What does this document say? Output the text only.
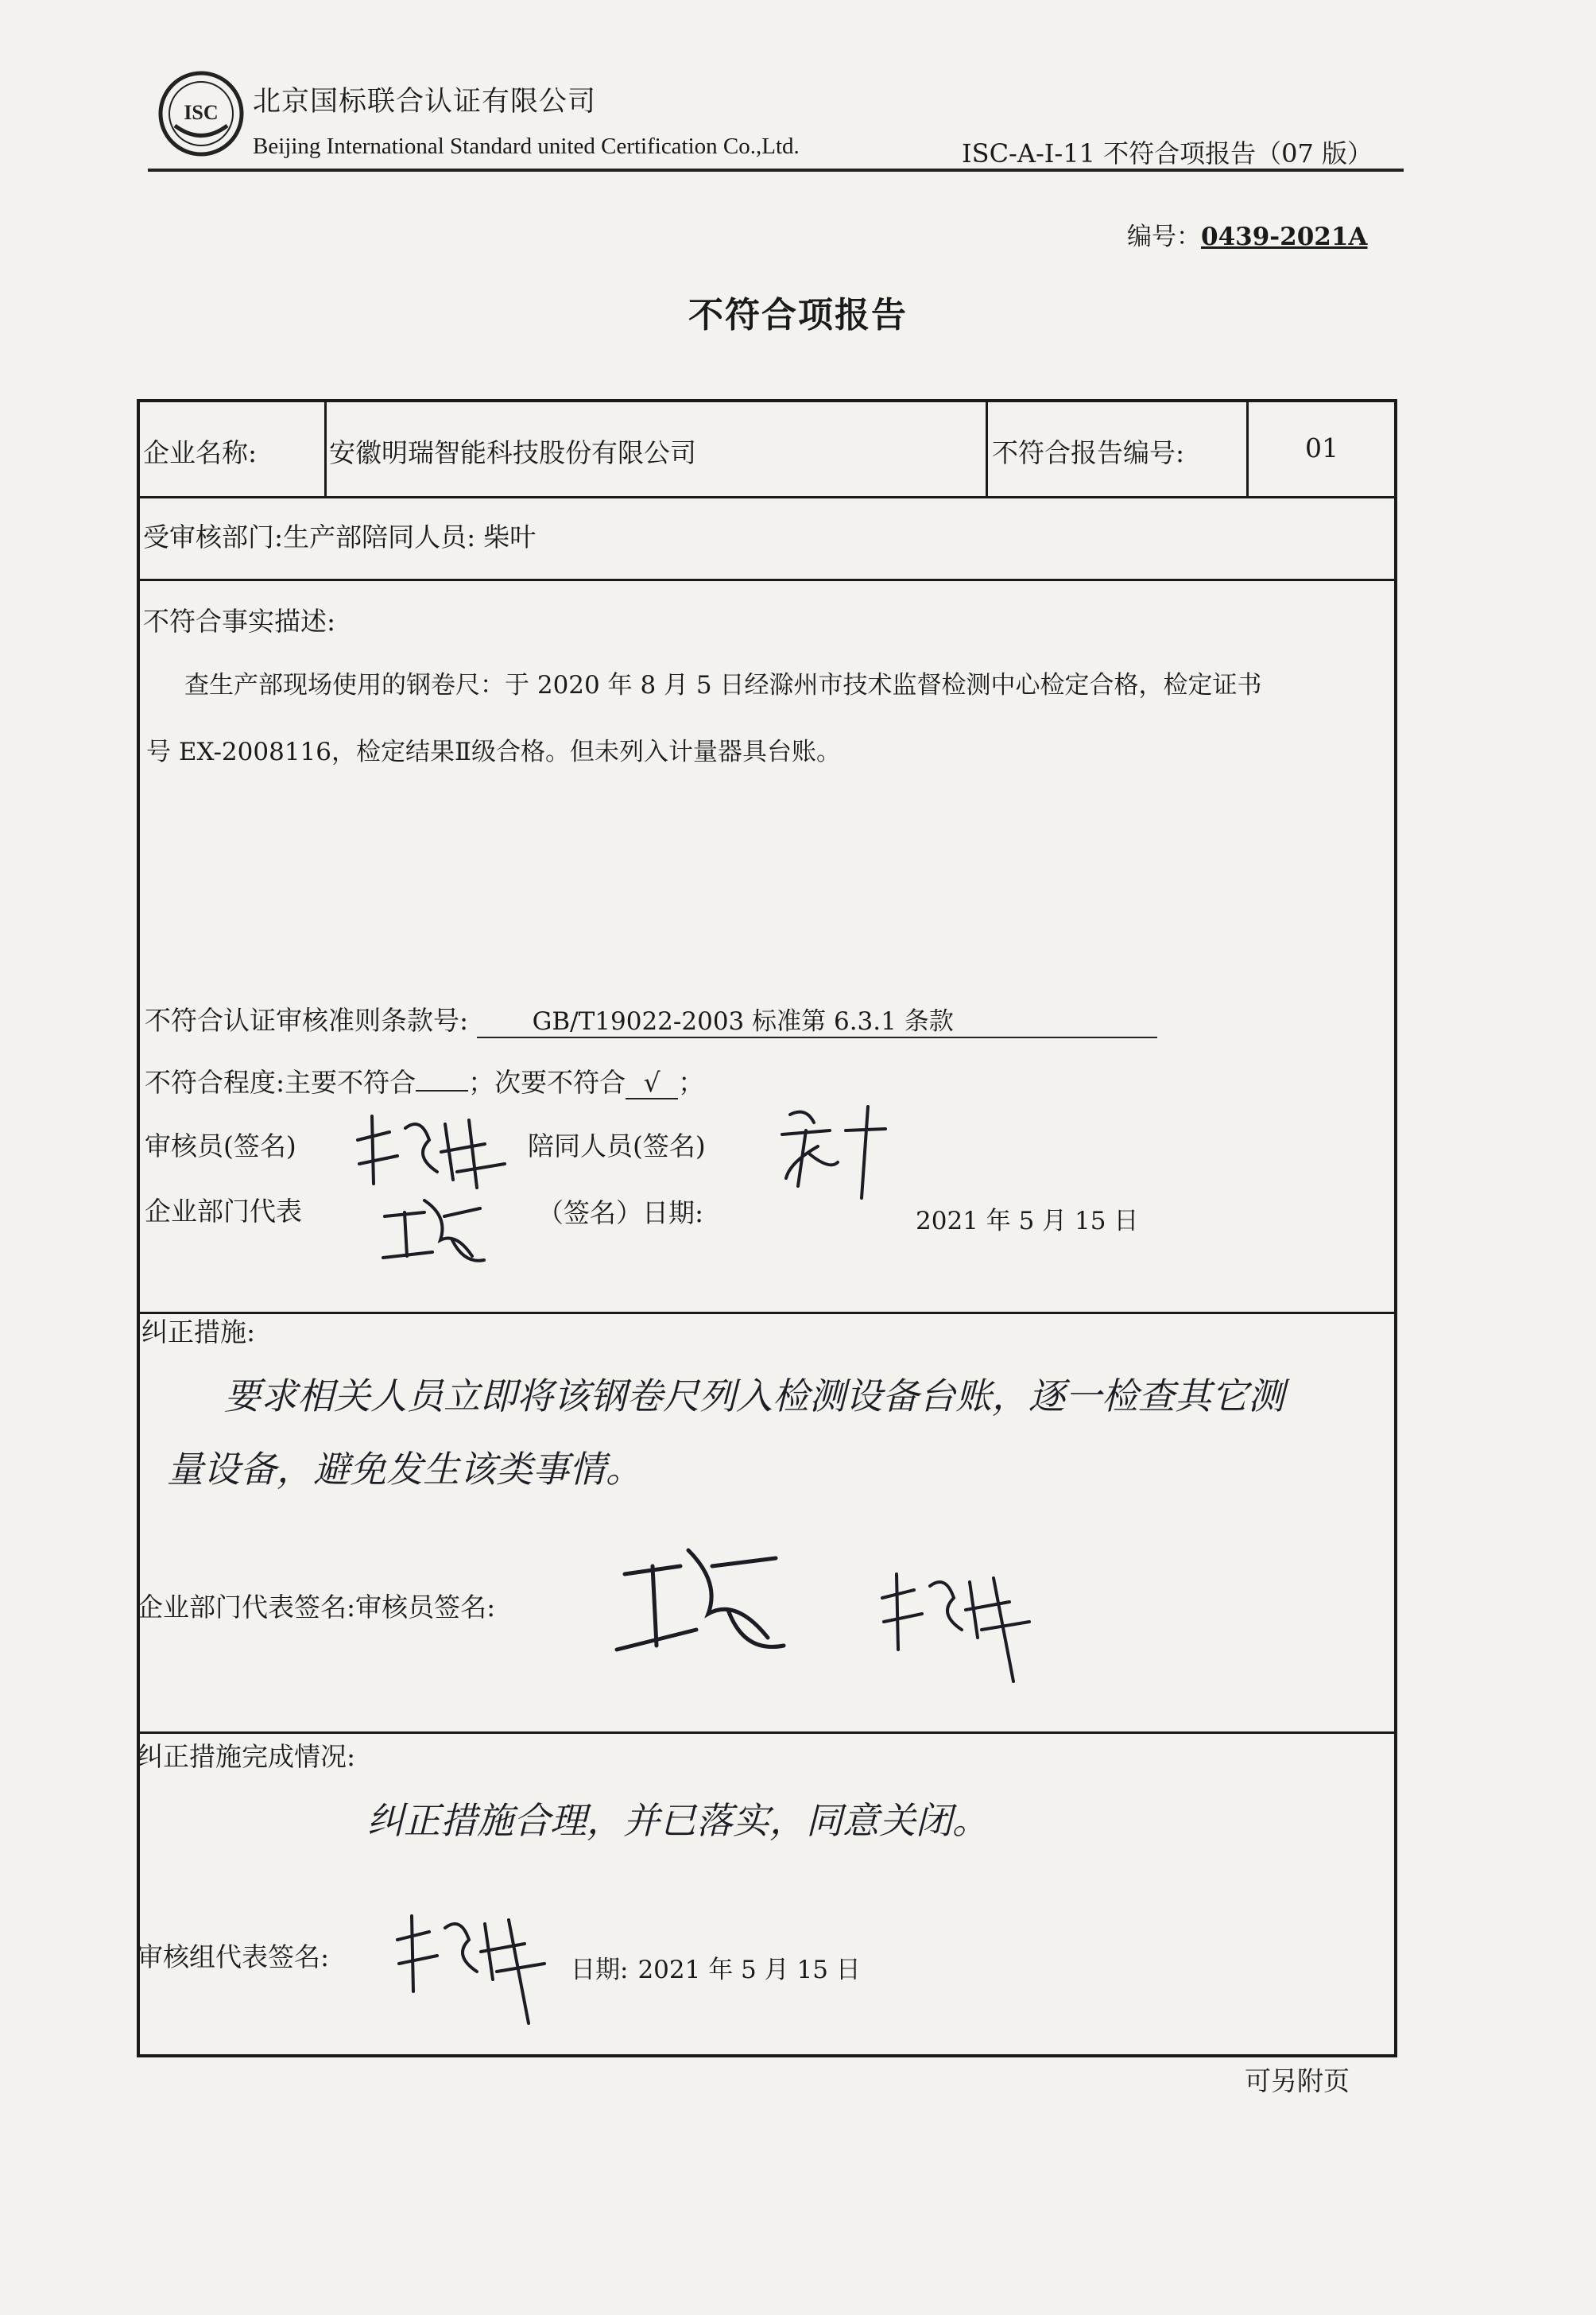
ISC 北京国标联合认证有限公司
Beijing International Standard united Certification Co.,Ltd.	ISC-A-I-11 不符合项报告（07 版）
编号：0439-2021A
不符合项报告
企业名称:	安徽明瑞智能科技股份有限公司	不符合报告编号:	01
受审核部门:生产部陪同人员: 柴叶
不符合事实描述:
查生产部现场使用的钢卷尺：于 2020 年 8 月 5 日经滁州市技术监督检测中心检定合格，检定证书
号 EX-2008116，检定结果Ⅱ级合格。但未列入计量器具台账。
不符合认证审核准则条款号:	GB/T19022-2003 标准第 6.3.1 条款
不符合程度:主要不符合 ；次要不符合 √ ；
审核员(签名)	陪同人员(签名)
企业部门代表	（签名）日期:	2021 年 5 月 15 日
纠正措施:
要求相关人员立即将该钢卷尺列入检测设备台账，逐一检查其它测
量设备，避免发生该类事情。
企业部门代表签名:审核员签名:
纠正措施完成情况:
纠正措施合理，并已落实，同意关闭。
审核组代表签名:	日期: 2021 年 5 月 15 日
可另附页
